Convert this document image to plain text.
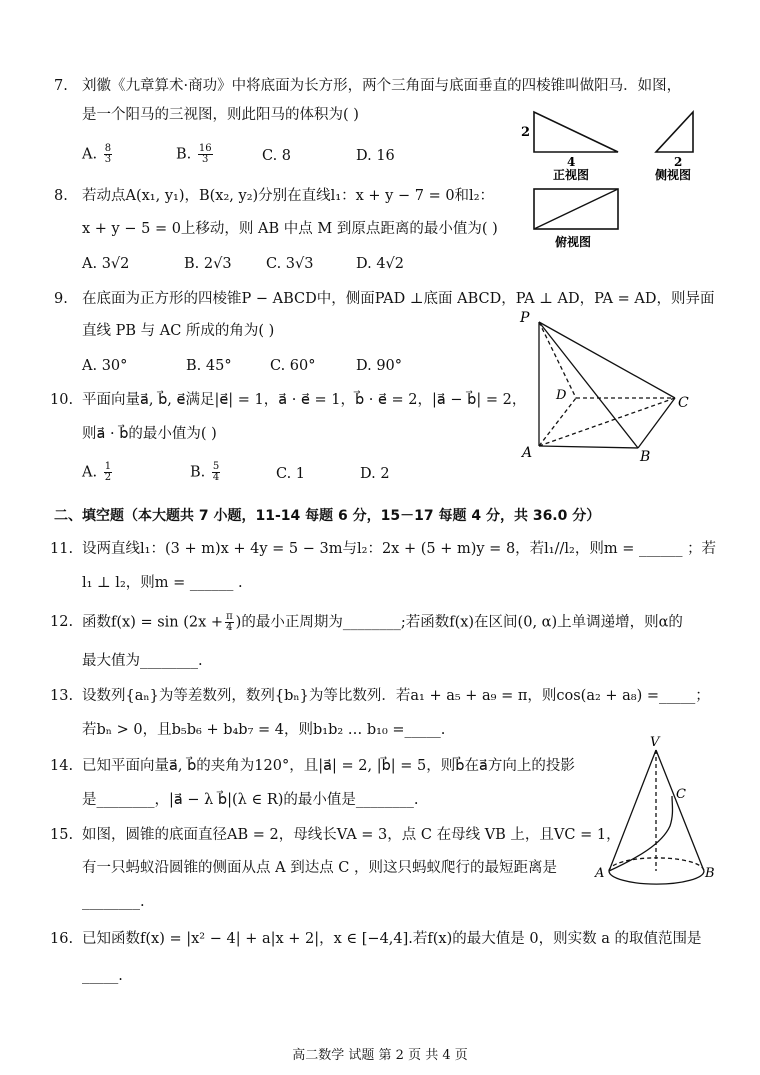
7. 刘徽《九章算术·商功》中将底面为长方形，两个三角面与底面垂直的四棱锥叫做阳马．如图，
是一个阳马的三视图，则此阳马的体积为( )
A. $\frac{8}{3}$	B. $\frac{16}{3}$	C. 8	D. 16
2
4
正视图
2
侧视图
俯视图
8. 若动点A(x₁, y₁)，B(x₂, y₂)分别在直线l₁：x + y − 7 = 0和l₂：
x + y − 5 = 0上移动，则 AB 中点 M 到原点距离的最小值为( )
A. 3√2	B. 2√3 C. 3√3	D. 4√2
9. 在底面为正方形的四棱锥P − ABCD中，侧面PAD ⊥底面 ABCD，PA ⊥ AD，PA = AD，则异面
直线 PB 与 AC 所成的角为( )
A. 30°	B. 45°	C. 60°	D. 90°
P
D	C
A	B
10. 平面向量a⃗, b⃗, e⃗满足|e⃗| = 1，a⃗ · e⃗ = 1，b⃗ · e⃗ = 2，|a⃗ − b⃗| = 2，
则a⃗ · b⃗的最小值为( )
A. $\frac{1}{2}$	B. $\frac{5}{4}$	C. 1	D. 2
二、填空题（本大题共 7 小题，11-14 每题 6 分，15－17 每题 4 分，共 36.0 分）
11. 设两直线l₁：(3 + m)x + 4y = 5 − 3m与l₂：2x + (5 + m)y = 8，若l₁//l₂，则m = ______ ；若
l₁ ⊥ l₂，则m = ______ .
12. 函数$f(x) = \sin (2x + \frac{\pi}{4}$ )的最小正周期为________;若函数f(x)在区间(0, α)上单调递增，则α的
最大值为________.
13. 设数列{aₙ}为等差数列，数列{bₙ}为等比数列．若a₁ + a₅ + a₉ = π，则cos(a₂ + a₈) =_____；
若bₙ > 0，且b₅b₆ + b₄b₇ = 4，则b₁b₂ … b₁₀ =_____.
14. 已知平面向量a⃗, b⃗的夹角为120°，且|a⃗| = 2, |b⃗| = 5，则b⃗在a⃗方向上的投影
是________，|a⃗ − λ b⃗|(λ ∈ R)的最小值是________.
15. 如图，圆锥的底面直径AB = 2，母线长VA = 3，点 C 在母线 VB 上，且VC = 1，
有一只蚂蚁沿圆锥的侧面从点 A 到达点 C ，则这只蚂蚁爬行的最短距离是
________.
V
C
A	B
16. 已知函数f(x) = |x² − 4| + a|x + 2|，x ∈ [−4,4].若f(x)的最大值是 0，则实数 a 的取值范围是
_____.
高二数学 试题 第 2 页 共 4 页
